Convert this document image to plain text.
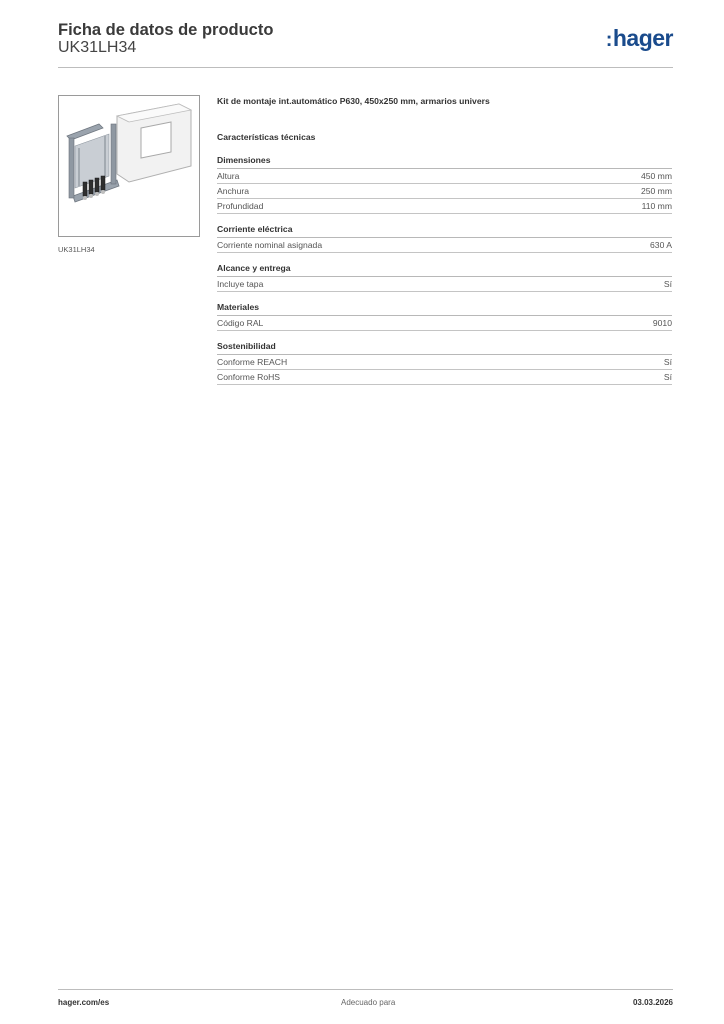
Ficha de datos de producto
UK31LH34	:hager
UK31LH34
Kit de montaje int.automático P630, 450x250 mm, armarios univers
Características técnicas
Dimensiones
Altura	450 mm
Anchura	250 mm
Profundidad	110 mm
Corriente eléctrica
Corriente nominal asignada	630 A
Alcance y entrega
Incluye tapa	Sí
Materiales
Código RAL	9010
Sostenibilidad
Conforme REACH	Sí
Conforme RoHS	Sí
hager.com/es	Adecuado para	03.03.2026
